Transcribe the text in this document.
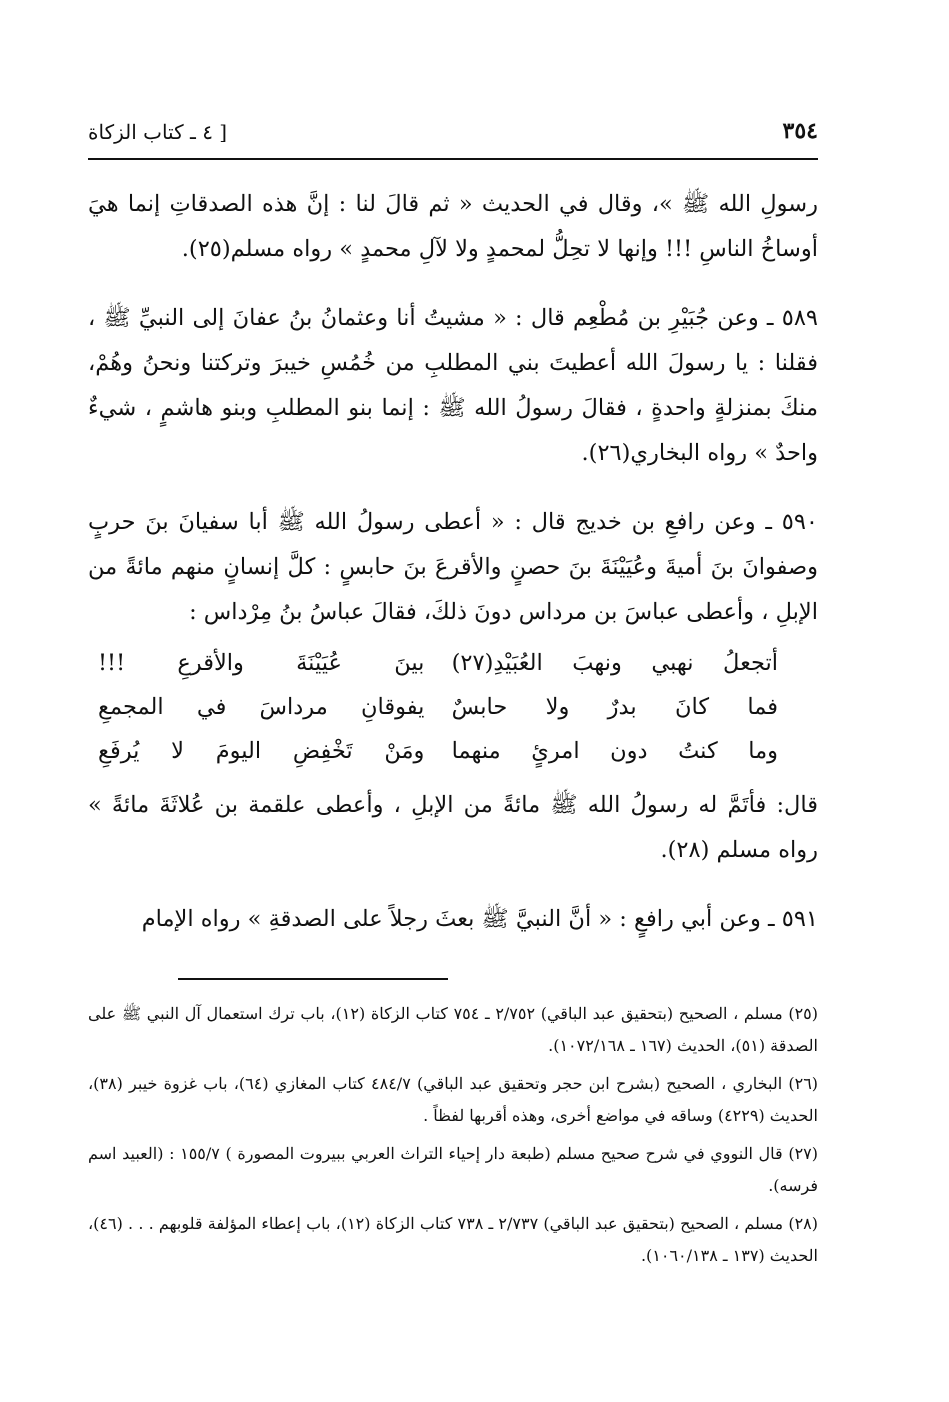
٣٥٤
[ ٤ ـ كتاب الزكاة

رسولِ الله ﷺ »، وقال في الحديث « ثم قالَ لنا : إنَّ هذه الصدقاتِ إنما هيَ أوساخُ الناسِ !!! وإنها لا تحِلُّ لمحمدٍ ولا لآلِ محمدٍ » رواه مسلم(٢٥).

٥٨٩ ـ وعن جُبَيْرِ بن مُطْعِم قال : « مشيتُ أنا وعثمانُ بنُ عفانَ إلى النبيِّ ﷺ ، فقلنا : يا رسولَ الله أعطيتَ بني المطلبِ من خُمُسِ خيبرَ وتركتنا ونحنُ وهُمْ، منكَ بمنزلةٍ واحدةٍ ، فقالَ رسولُ الله ﷺ : إنما بنو المطلبِ وبنو هاشمٍ ، شيءٌ واحدٌ » رواه البخاري(٢٦).

٥٩٠ ـ وعن رافعِ بن خديج قال : « أعطى رسولُ الله ﷺ أبا سفيانَ بنَ حربٍ وصفوانَ بنَ أميةَ وعُيَيْنَةَ بنَ حصنٍ والأقرعَ بنَ حابسٍ : كلَّ إنسانٍ منهم مائةً من الإبلِ ، وأعطى عباسَ بن مرداس دونَ ذلكَ، فقالَ عباسُ بنُ مِرْداس :

أتجعلُ نهبي ونهبَ العُبَيْدِ(٢٧)
بينَ عُيَيْنَةَ والأقرعِ !!!
فما كانَ بدرٌ ولا حابسٌ
يفوقانِ مرداسَ في المجمعِ
وما كنتُ دون امرئٍ منهما
ومَنْ تَخْفِضِ اليومَ لا يُرفَعِ

قال: فأتَمَّ له رسولُ الله ﷺ مائةً من الإبلِ ، وأعطى علقمة بن عُلاثَةَ مائةً » رواه مسلم (٢٨).

٥٩١ ـ وعن أبي رافعٍ : « أنَّ النبيَّ ﷺ بعثَ رجلاً على الصدقةِ » رواه الإمام

(٢٥) مسلم ، الصحيح (بتحقيق عبد الباقي) ٢/٧٥٢ ـ ٧٥٤ كتاب الزكاة (١٢)، باب ترك استعمال آل النبي ﷺ على الصدقة (٥١)، الحديث (١٦٧ ـ ١٠٧٢/١٦٨).

(٢٦) البخاري ، الصحيح (بشرح ابن حجر وتحقيق عبد الباقي) ٤٨٤/٧ كتاب المغازي (٦٤)، باب غزوة خيبر (٣٨)، الحديث (٤٢٢٩) وساقه في مواضع أخرى، وهذه أقربها لفظاً .

(٢٧) قال النووي في شرح صحيح مسلم (طبعة دار إحياء التراث العربي ببيروت المصورة ) ١٥٥/٧ : (العبيد اسم فرسه).

(٢٨) مسلم ، الصحيح (بتحقيق عبد الباقي) ٢/٧٣٧ ـ ٧٣٨ كتاب الزكاة (١٢)، باب إعطاء المؤلفة قلوبهم . . . (٤٦)، الحديث (١٣٧ ـ ١٠٦٠/١٣٨).
